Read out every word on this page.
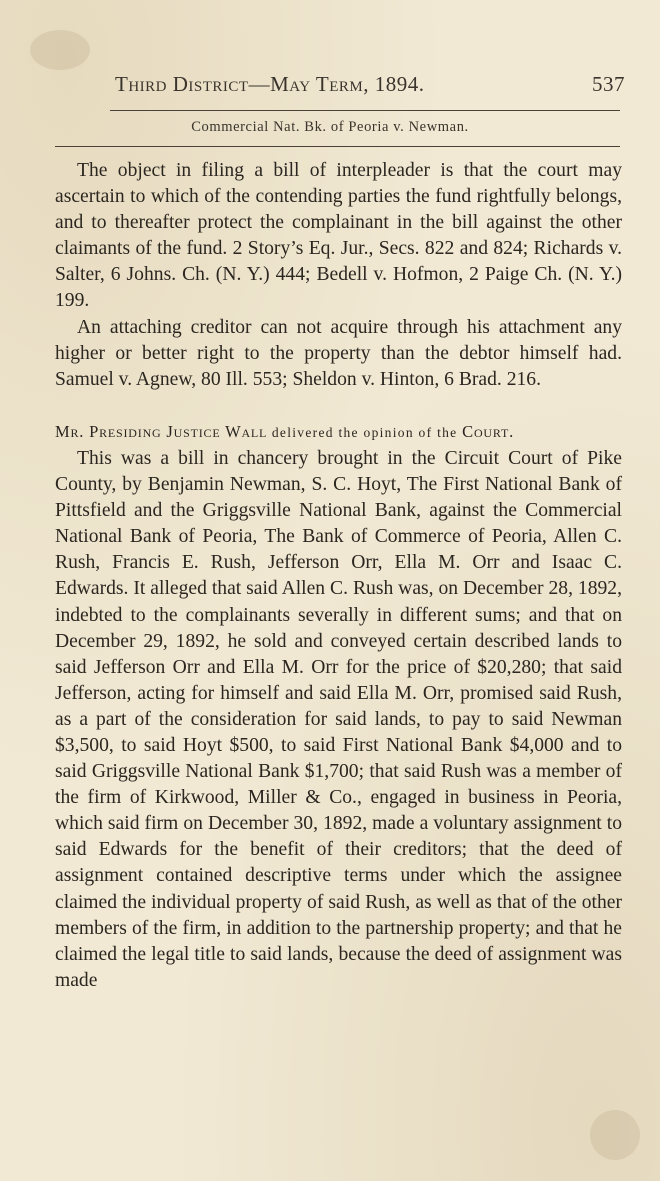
Third District—May Term, 1894.	537
Commercial Nat. Bk. of Peoria v. Newman.

The object in filing a bill of interpleader is that the court may ascertain to which of the contending parties the fund rightfully belongs, and to thereafter protect the complainant in the bill against the other claimants of the fund. 2 Story’s Eq. Jur., Secs. 822 and 824; Richards v. Salter, 6 Johns. Ch. (N. Y.) 444; Bedell v. Hofmon, 2 Paige Ch. (N. Y.) 199.

An attaching creditor can not acquire through his attachment any higher or better right to the property than the debtor himself had. Samuel v. Agnew, 80 Ill. 553; Sheldon v. Hinton, 6 Brad. 216.

Mr. Presiding Justice Wall delivered the opinion of the Court.

This was a bill in chancery brought in the Circuit Court of Pike County, by Benjamin Newman, S. C. Hoyt, The First National Bank of Pittsfield and the Griggsville National Bank, against the Commercial National Bank of Peoria, The Bank of Commerce of Peoria, Allen C. Rush, Francis E. Rush, Jefferson Orr, Ella M. Orr and Isaac C. Edwards. It alleged that said Allen C. Rush was, on December 28, 1892, indebted to the complainants severally in different sums; and that on December 29, 1892, he sold and conveyed certain described lands to said Jefferson Orr and Ella M. Orr for the price of $20,280; that said Jefferson, acting for himself and said Ella M. Orr, promised said Rush, as a part of the consideration for said lands, to pay to said Newman $3,500, to said Hoyt $500, to said First National Bank $4,000 and to said Griggsville National Bank $1,700; that said Rush was a member of the firm of Kirkwood, Miller & Co., engaged in business in Peoria, which said firm on December 30, 1892, made a voluntary assignment to said Edwards for the benefit of their creditors; that the deed of assignment contained descriptive terms under which the assignee claimed the individual property of said Rush, as well as that of the other members of the firm, in addition to the partnership property; and that he claimed the legal title to said lands, because the deed of assignment was made
